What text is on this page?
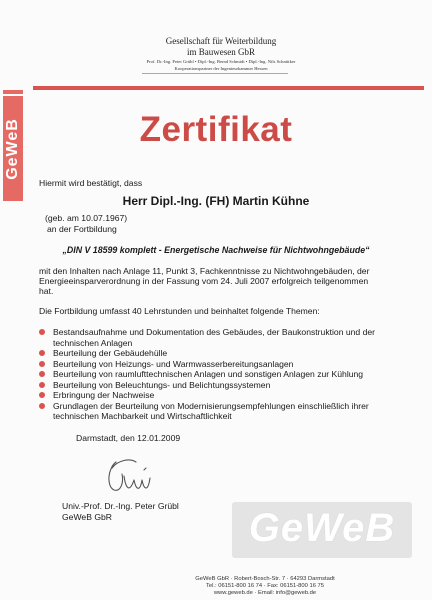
Gesellschaft für Weiterbildung
im Bauwesen GbR
Prof. Dr.-Ing. Peter Grübl • Dipl.-Ing. Bernd Schmidt • Dipl.-Ing. Nils Schnittker
Kooperationspartner der Ingenieurkammer Hessen
GeWeB	Zertifikat
Hiermit wird bestätigt, dass
Herr Dipl.-Ing. (FH) Martin Kühne
(geb. am 10.07.1967)
an der Fortbildung
„DIN V 18599 komplett - Energetische Nachweise für Nichtwohngebäude“
mit den Inhalten nach Anlage 11, Punkt 3, Fachkenntnisse zu Nichtwohngebäuden, der
Energieeinsparverordnung in der Fassung vom 24. Juli 2007 erfolgreich teilgenommen
hat.
Die Fortbildung umfasst 40 Lehrstunden und beinhaltet folgende Themen:
Bestandsaufnahme und Dokumentation des Gebäudes, der Baukonstruktion und der
technischen Anlagen
Beurteilung der Gebäudehülle
Beurteilung von Heizungs- und Warmwasserbereitungsanlagen
Beurteilung von raumlufttechnischen Anlagen und sonstigen Anlagen zur Kühlung
Beurteilung von Beleuchtungs- und Belichtungssystemen
Erbringung der Nachweise
Grundlagen der Beurteilung von Modernisierungsempfehlungen einschließlich ihrer
technischen Machbarkeit und Wirtschaftlichkeit
Darmstadt, den 12.01.2009
Univ.-Prof. Dr.-Ing. Peter Grübl
GeWeB GbR	GeWeB
GeWeB GbR · Robert-Bosch-Str. 7 · 64293 Darmstadt
Tel.: 06151-800 16 74 · Fax: 06151-800 16 75
www.geweb.de · Email: info@geweb.de
